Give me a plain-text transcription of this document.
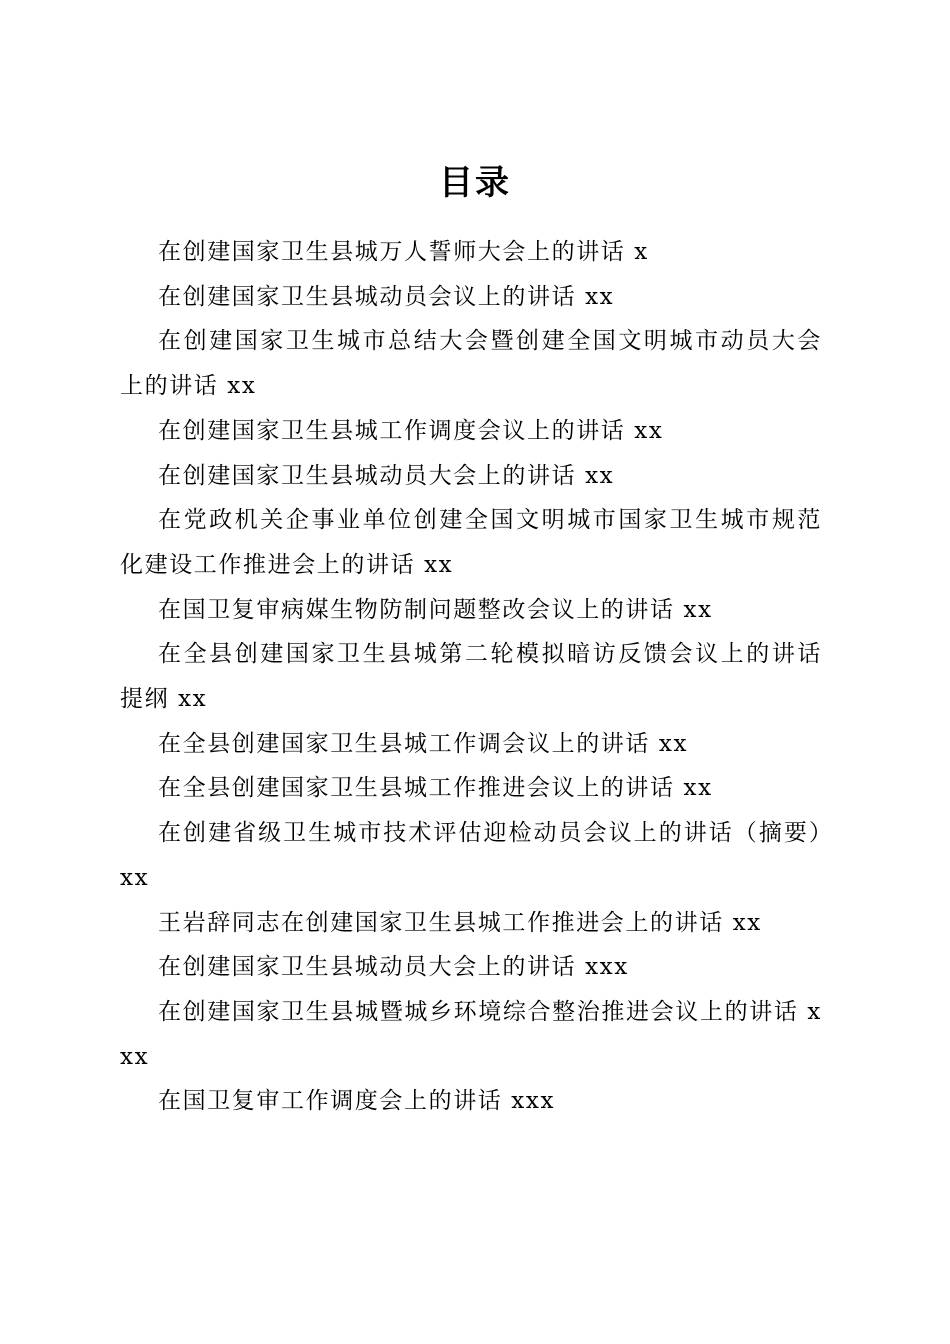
目录
在创建国家卫生县城万人誓师大会上的讲话 x
在创建国家卫生县城动员会议上的讲话 xx
在创建国家卫生城市总结大会暨创建全国文明城市动员大会上的讲话 xx
在创建国家卫生县城工作调度会议上的讲话 xx
在创建国家卫生县城动员大会上的讲话 xx
在党政机关企事业单位创建全国文明城市国家卫生城市规范化建设工作推进会上的讲话 xx
在国卫复审病媒生物防制问题整改会议上的讲话 xx
在全县创建国家卫生县城第二轮模拟暗访反馈会议上的讲话提纲 xx
在全县创建国家卫生县城工作调会议上的讲话 xx
在全县创建国家卫生县城工作推进会议上的讲话 xx
在创建省级卫生城市技术评估迎检动员会议上的讲话（摘要）xx
王岩辞同志在创建国家卫生县城工作推进会上的讲话 xx
在创建国家卫生县城动员大会上的讲话 xxx
在创建国家卫生县城暨城乡环境综合整治推进会议上的讲话 xxx
在国卫复审工作调度会上的讲话 xxx
